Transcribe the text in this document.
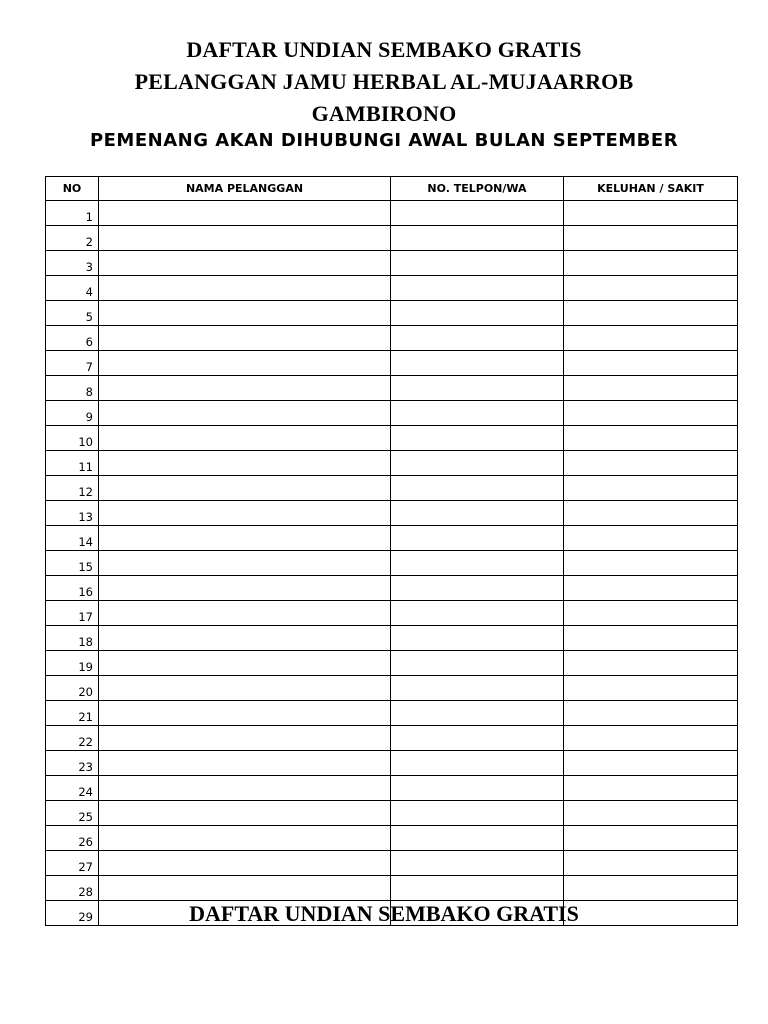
DAFTAR UNDIAN SEMBAKO GRATIS
PELANGGAN JAMU HERBAL AL-MUJAARROB
GAMBIRONO
PEMENANG AKAN DIHUBUNGI AWAL BULAN SEPTEMBER
NO	NAMA PELANGGAN	NO. TELPON/WA	KELUHAN / SAKIT
1			
2			
3			
4			
5			
6			
7			
8			
9			
10			
11			
12			
13			
14			
15			
16			
17			
18			
19			
20			
21			
22			
23			
24			
25			
26			
27			
28			
29				DAFTAR UNDIAN SEMBAKO GRATIS
